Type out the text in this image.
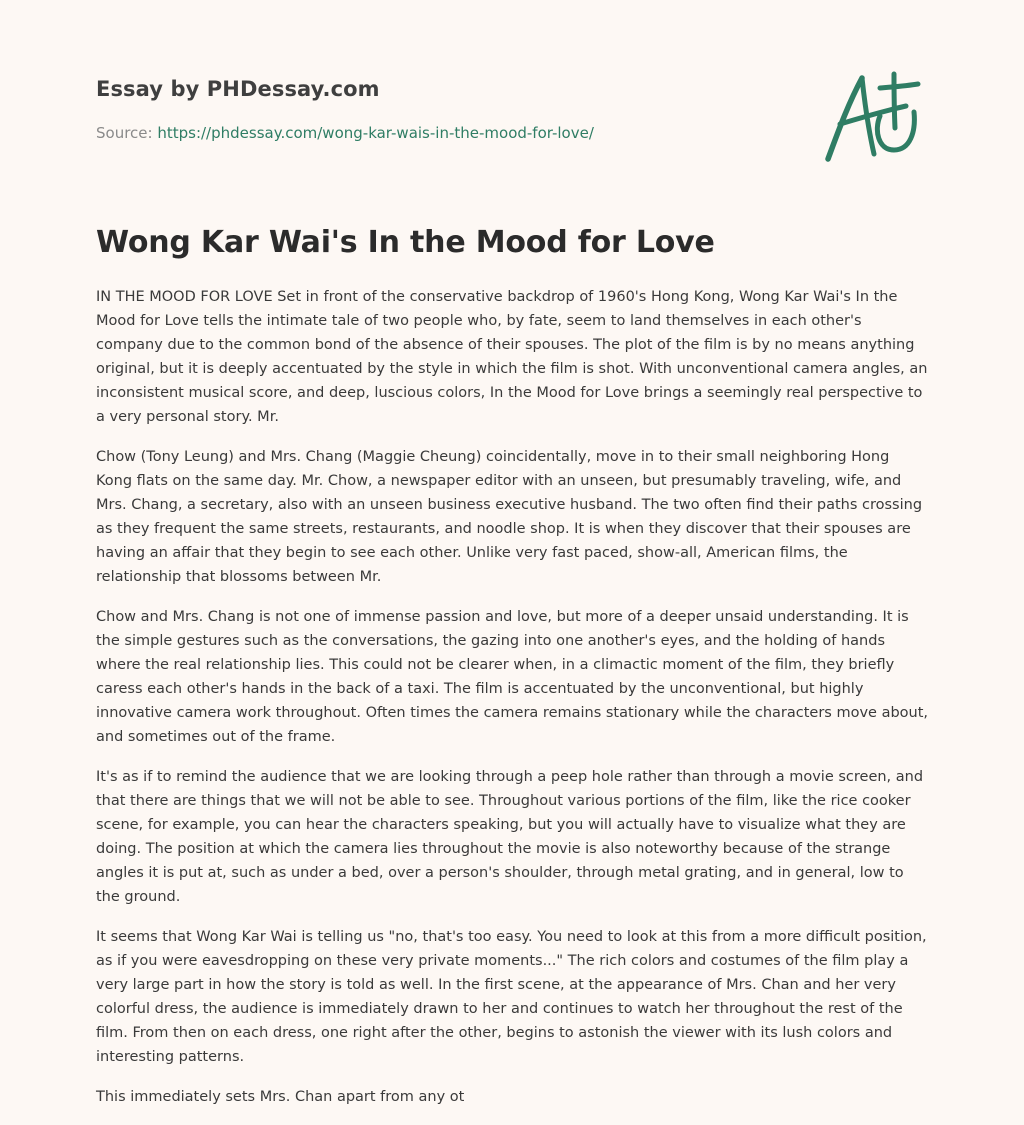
Essay by PHDessay.com
Source: https://phdessay.com/wong-kar-wais-in-the-mood-for-love/
Wong Kar Wai's In the Mood for Love

IN THE MOOD FOR LOVE Set in front of the conservative backdrop of 1960's Hong Kong, Wong Kar Wai's In the Mood for Love tells the intimate tale of two people who, by fate, seem to land themselves in each other's company due to the common bond of the absence of their spouses. The plot of the film is by no means anything original, but it is deeply accentuated by the style in which the film is shot. With unconventional camera angles, an inconsistent musical score, and deep, luscious colors, In the Mood for Love brings a seemingly real perspective to a very personal story. Mr.

Chow (Tony Leung) and Mrs. Chang (Maggie Cheung) coincidentally, move in to their small neighboring Hong Kong flats on the same day. Mr. Chow, a newspaper editor with an unseen, but presumably traveling, wife, and Mrs. Chang, a secretary, also with an unseen business executive husband. The two often find their paths crossing as they frequent the same streets, restaurants, and noodle shop. It is when they discover that their spouses are having an affair that they begin to see each other. Unlike very fast paced, show-all, American films, the relationship that blossoms between Mr.

Chow and Mrs. Chang is not one of immense passion and love, but more of a deeper unsaid understanding. It is the simple gestures such as the conversations, the gazing into one another's eyes, and the holding of hands where the real relationship lies. This could not be clearer when, in a climactic moment of the film, they briefly caress each other's hands in the back of a taxi. The film is accentuated by the unconventional, but highly innovative camera work throughout. Often times the camera remains stationary while the characters move about, and sometimes out of the frame.

It's as if to remind the audience that we are looking through a peep hole rather than through a movie screen, and that there are things that we will not be able to see. Throughout various portions of the film, like the rice cooker scene, for example, you can hear the characters speaking, but you will actually have to visualize what they are doing. The position at which the camera lies throughout the movie is also noteworthy because of the strange angles it is put at, such as under a bed, over a person's shoulder, through metal grating, and in general, low to the ground.

It seems that Wong Kar Wai is telling us "no, that's too easy. You need to look at this from a more difficult position, as if you were eavesdropping on these very private moments..." The rich colors and costumes of the film play a very large part in how the story is told as well. In the first scene, at the appearance of Mrs. Chan and her very colorful dress, the audience is immediately drawn to her and continues to watch her throughout the rest of the film. From then on each dress, one right after the other, begins to astonish the viewer with its lush colors and interesting patterns.

This immediately sets Mrs. Chan apart from any ot
